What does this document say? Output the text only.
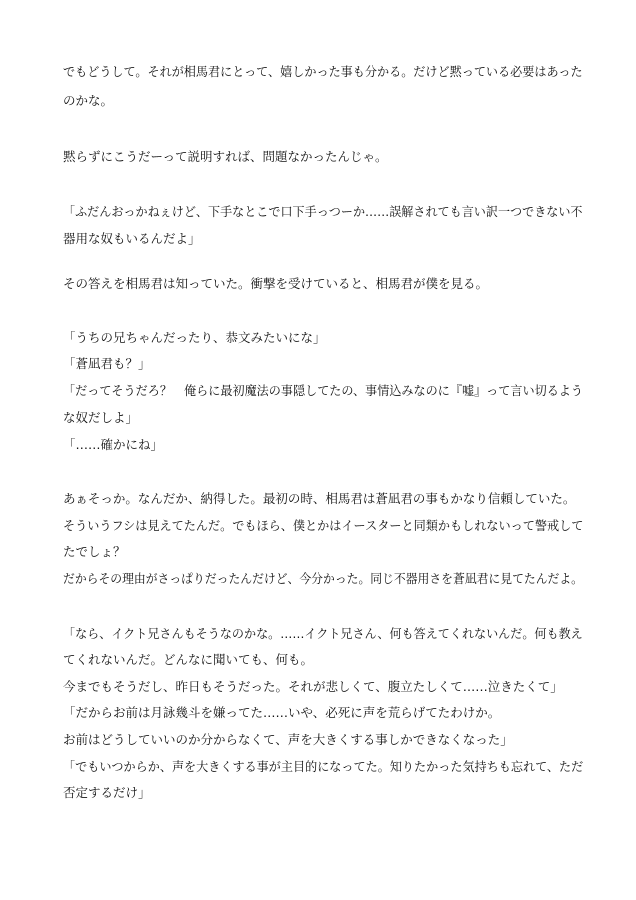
でもどうして。それが相馬君にとって、嬉しかった事も分かる。だけど黙っている必要はあった
のかな。
黙らずにこうだーって説明すれば、問題なかったんじゃ。
「ふだんおっかねぇけど、下手なとこで口下手っつーか……誤解されても言い訳一つできない不
器用な奴もいるんだよ」
その答えを相馬君は知っていた。衝撃を受けていると、相馬君が僕を見る。
「うちの兄ちゃんだったり、恭文みたいにな」
「蒼凪君も？」
「だってそうだろ？　俺らに最初魔法の事隠してたの、事情込みなのに『嘘』って言い切るよう
な奴だしよ」
「……確かにね」
あぁそっか。なんだか、納得した。最初の時、相馬君は蒼凪君の事もかなり信頼していた。
そういうフシは見えてたんだ。でもほら、僕とかはイースターと同類かもしれないって警戒して
たでしょ？
だからその理由がさっぱりだったんだけど、今分かった。同じ不器用さを蒼凪君に見てたんだよ。
「なら、イクト兄さんもそうなのかな。……イクト兄さん、何も答えてくれないんだ。何も教え
てくれないんだ。どんなに聞いても、何も。
今までもそうだし、昨日もそうだった。それが悲しくて、腹立たしくて……泣きたくて」
「だからお前は月詠幾斗を嫌ってた……いや、必死に声を荒らげてたわけか。
お前はどうしていいのか分からなくて、声を大きくする事しかできなくなった」
「でもいつからか、声を大きくする事が主目的になってた。知りたかった気持ちも忘れて、ただ
否定するだけ」
